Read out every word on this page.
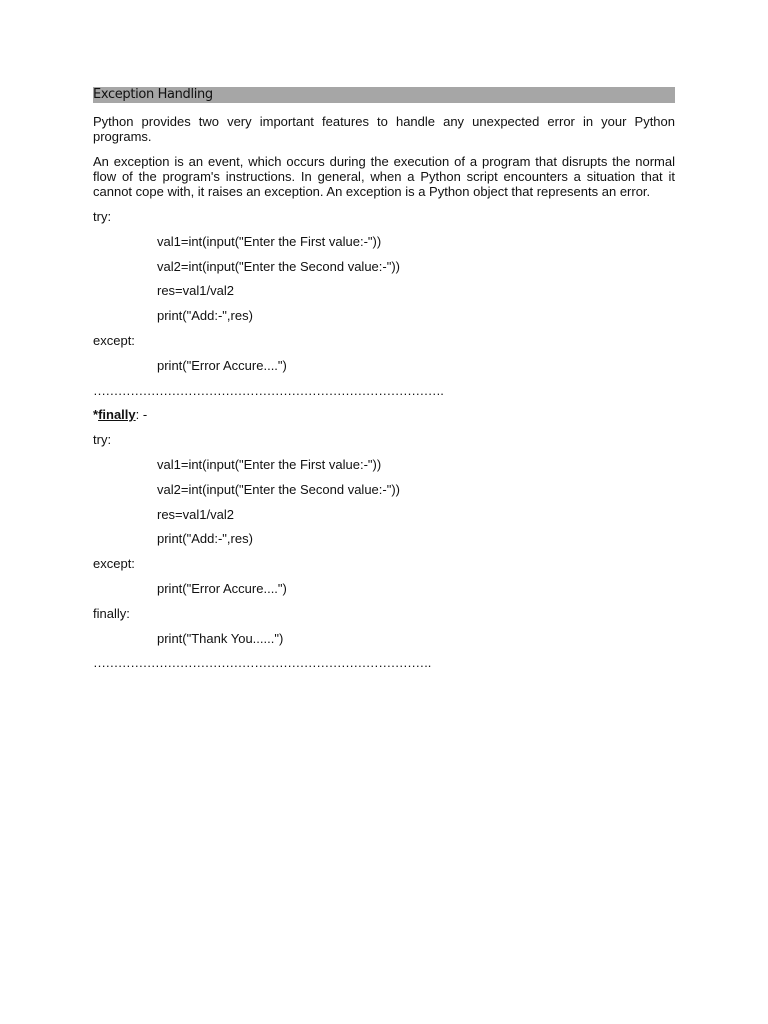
Exception Handling

Python provides two very important features to handle any unexpected error in your Python programs.

An exception is an event, which occurs during the execution of a program that disrupts the normal flow of the program's instructions. In general, when a Python script encounters a situation that it cannot cope with, it raises an exception. An exception is a Python object that represents an error.

try:
val1=int(input("Enter the First value:-"))
val2=int(input("Enter the Second value:-"))
res=val1/val2
print("Add:-",res)
except:
print("Error Accure....")
………………………………………………………………………….
*finally: -
try:
val1=int(input("Enter the First value:-"))
val2=int(input("Enter the Second value:-"))
res=val1/val2
print("Add:-",res)
except:
print("Error Accure....")
finally:
print("Thank You......")
……………………………………………………………………….
